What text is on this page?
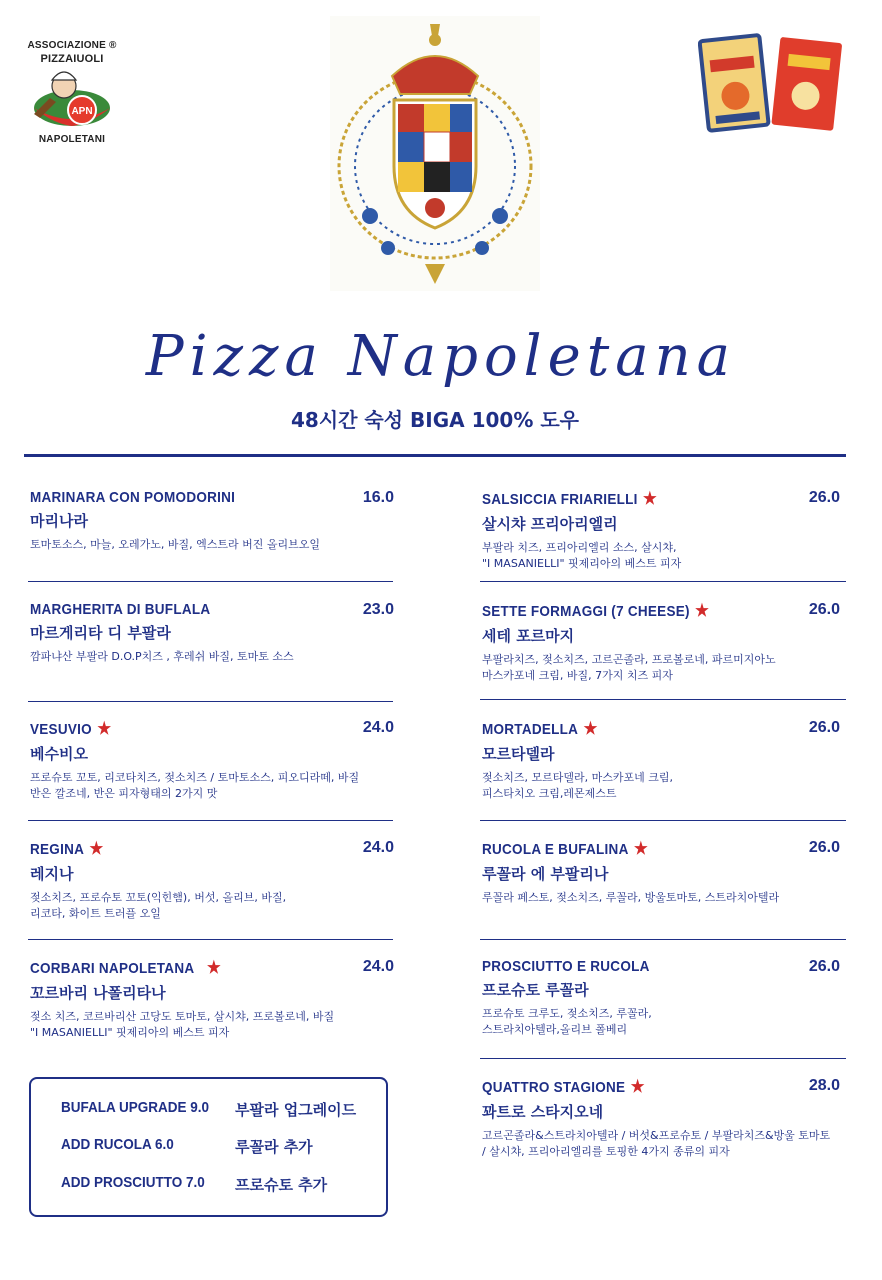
ASSOCIAZIONE ®
PIZZAIUOLI
APN
NAPOLETANI
Pizza Napoletana
48시간 숙성 BIGA 100% 도우
MARINARA CON POMODORINI	16.0
마리나라
토마토소스, 마늘, 오레가노, 바질, 엑스트라 버진 올리브오일
MARGHERITA DI BUFLALA	23.0
마르게리타 디 부팔라
깜파냐산 부팔라 D.O.P치즈 , 후레쉬 바질, 토마토 소스
VESUVIO ★	24.0
베수비오
프로슈토 꼬토, 리코타치즈, 젖소치즈 / 토마토소스, 피오디라떼, 바질
반은 깔조네, 반은 피자형태의 2가지 맛
REGINA ★	24.0
레지나
젖소치즈, 프로슈토 꼬토(익힌햄), 버섯, 올리브, 바질,
리코타, 화이트 트러플 오일
CORBARI NAPOLETANA ★	24.0
꼬르바리 나폴리타나
젖소 치즈, 코르바리산 고당도 토마토, 살시챠, 프로볼로네, 바질
"I MASANIELLI" 핏제리아의 베스트 피자
SALSICCIA FRIARIELLI ★	26.0
살시챠 프리아리엘리
부팔라 치즈, 프리아리엘리 소스, 살시챠,
"I MASANIELLI" 핏제리아의 베스트 피자
SETTE FORMAGGI (7 CHEESE) ★	26.0
세테 포르마지
부팔라치즈, 젖소치즈, 고르곤졸라, 프로볼로네, 파르미지아노
마스카포네 크림, 바질, 7가지 치즈 피자
MORTADELLA ★	26.0
모르타델라
젖소치즈, 모르타델라, 마스카포네 크림,
피스타치오 크림,레몬제스트
RUCOLA E BUFALINA ★	26.0
루꼴라 에 부팔리나
루꼴라 페스토, 젖소치즈, 루꼴라, 방울토마토, 스트라치아텔라
PROSCIUTTO E RUCOLA	26.0
프로슈토 루꼴라
프로슈토 크루도, 젖소치즈, 루꼴라,
스트라치아텔라,올리브 폴베리
QUATTRO STAGIONE ★	28.0
꽈트로 스타지오네
고르곤졸라&스트라치아텔라 / 버섯&프로슈토 / 부팔라치즈&방울 토마토
/ 살시챠, 프리아리엘리를 토핑한 4가지 종류의 피자
BUFALA UPGRADE 9.0 부팔라 업그레이드
ADD RUCOLA 6.0	루꼴라 추가
ADD PROSCIUTTO 7.0 프로슈토 추가
